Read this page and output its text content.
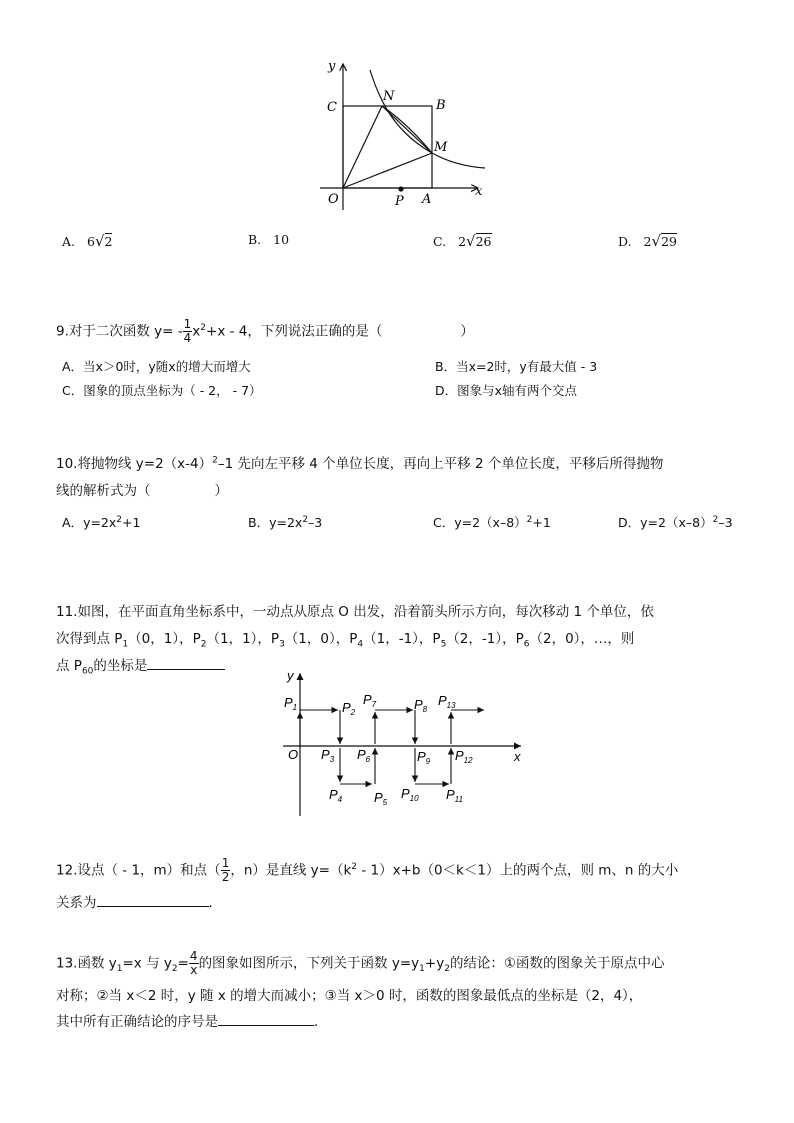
y
x
O
C
N
B
M
P A
A. 6√2	B. 10	C. 2√26	D. 2√29
9.对于二次函数 $y= - \frac{1}{4} x^2+x - 4$，下列说法正确的是（	）
A．当x＞0时，y随x的增大而增大	B．当x=2时，y有最大值 - 3
C．图象的顶点坐标为（ - 2， - 7）	D．图象与x轴有两个交点
10.将抛物线 $y=2(x-4)^2-1$ 先向左平移 4 个单位长度，再向上平移 2 个单位长度，平移后所得抛物
线的解析式为（	）
A．$y=2x^2+1$	B．$y=2x^2-3$	C．$y=2(x-8)^2+1$	D．$y=2(x-8)^2-3$
11.如图，在平面直角坐标系中，一动点从原点 O 出发，沿着箭头所示方向，每次移动 1 个单位，依
次得到点 $P_1(0$，1），$P_2(1$，1），$P_3(1$，0），$P_4(1$，-1），$P_5(2$，-1），$P_6(2$，0），…，则
点 $P_{60}$的坐标是
y
x
O
$P_1$	$P_2$
$P_3$
$P_4$ $P_5$
$P_6$
$P_7$	$P_8$
$P_9$
$P_{10}$ $P_{11}$
$P_{12}$
$P_{13}$
12.设点（ - 1，m）和点（ $\frac{1}{2}$ ，n）是直线 $y=(k^2 - 1)x+b(0<k<1)$上的两个点，则 m、n 的大小
关系为	．
13.函数 $y_1=x$ 与 $y_2= \frac{4}{x}$ 的图象如图所示，下列关于函数 $y=y_1+y_2$的结论：①函数的图象关于原点中心
对称；②当 x＜2 时，y 随 x 的增大而减小；③当 x＞0 时，函数的图象最低点的坐标是（2，4），
其中所有正确结论的序号是	．
